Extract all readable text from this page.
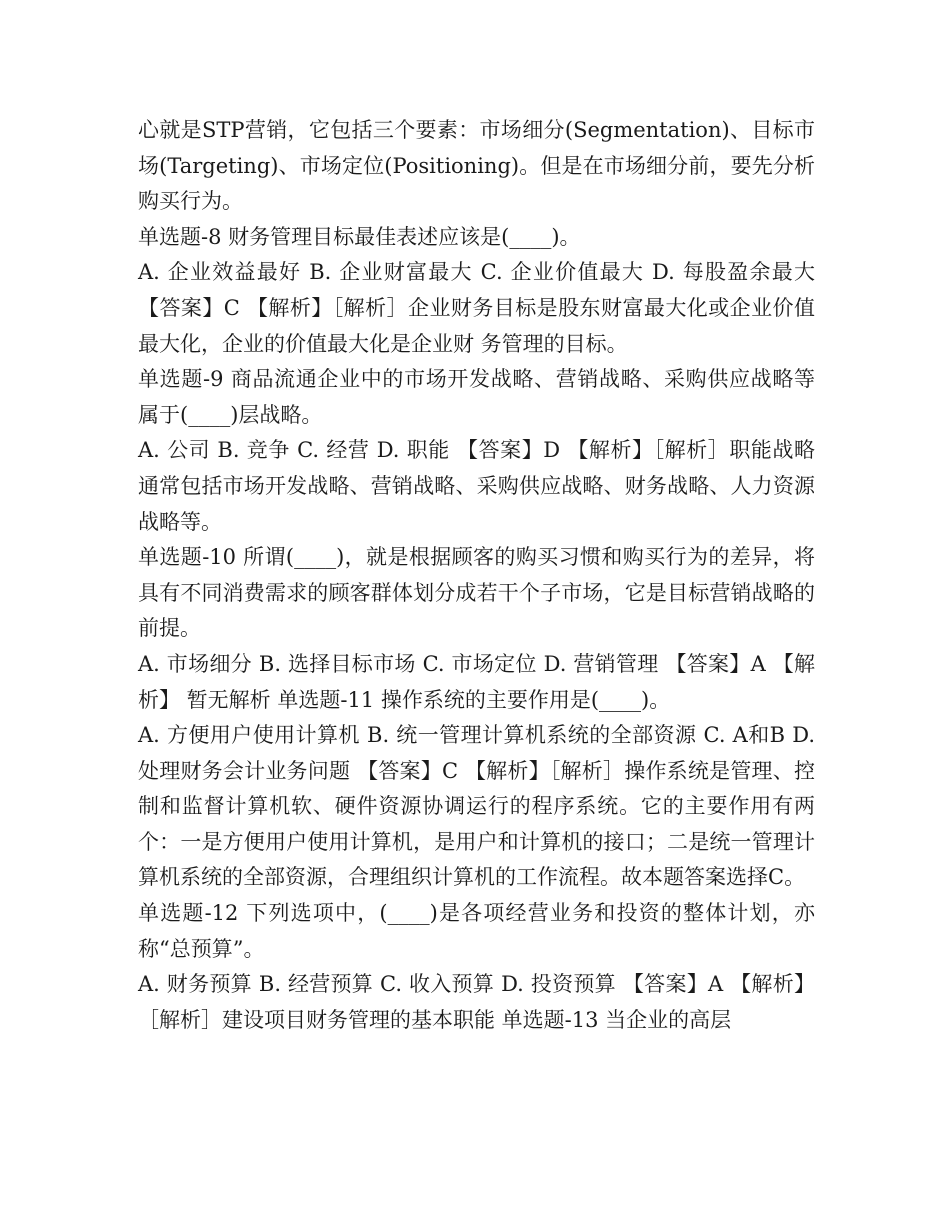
心就是STP营销，它包括三个要素：市场细分(Segmentation)、目标市场(Targeting)、市场定位(Positioning)。但是在市场细分前，要先分析购买行为。

单选题-8 财务管理目标最佳表述应该是(____)。

A. 企业效益最好 B. 企业财富最大 C. 企业价值最大 D. 每股盈余最大 【答案】C 【解析】［解析］企业财务目标是股东财富最大化或企业价值最大化，企业的价值最大化是企业财 务管理的目标。

单选题-9 商品流通企业中的市场开发战略、营销战略、采购供应战略等属于(____)层战略。

A. 公司 B. 竞争 C. 经营 D. 职能 【答案】D 【解析】［解析］职能战略通常包括市场开发战略、营销战略、采购供应战略、财务战略、人力资源战略等。

单选题-10 所谓(____)，就是根据顾客的购买习惯和购买行为的差异，将具有不同消费需求的顾客群体划分成若干个子市场，它是目标营销战略的前提。

A. 市场细分 B. 选择目标市场 C. 市场定位 D. 营销管理 【答案】A 【解析】 暂无解析 单选题-11 操作系统的主要作用是(____)。

A. 方便用户使用计算机 B. 统一管理计算机系统的全部资源 C. A和B D. 处理财务会计业务问题 【答案】C 【解析】［解析］操作系统是管理、控制和监督计算机软、硬件资源协调运行的程序系统。它的主要作用有两个：一是方便用户使用计算机，是用户和计算机的接口；二是统一管理计算机系统的全部资源，合理组织计算机的工作流程。故本题答案选择C。

单选题-12 下列选项中，(____)是各项经营业务和投资的整体计划，亦称“总预算”。

A. 财务预算 B. 经营预算 C. 收入预算 D. 投资预算 【答案】A 【解析】［解析］建设项目财务管理的基本职能 单选题-13 当企业的高层
